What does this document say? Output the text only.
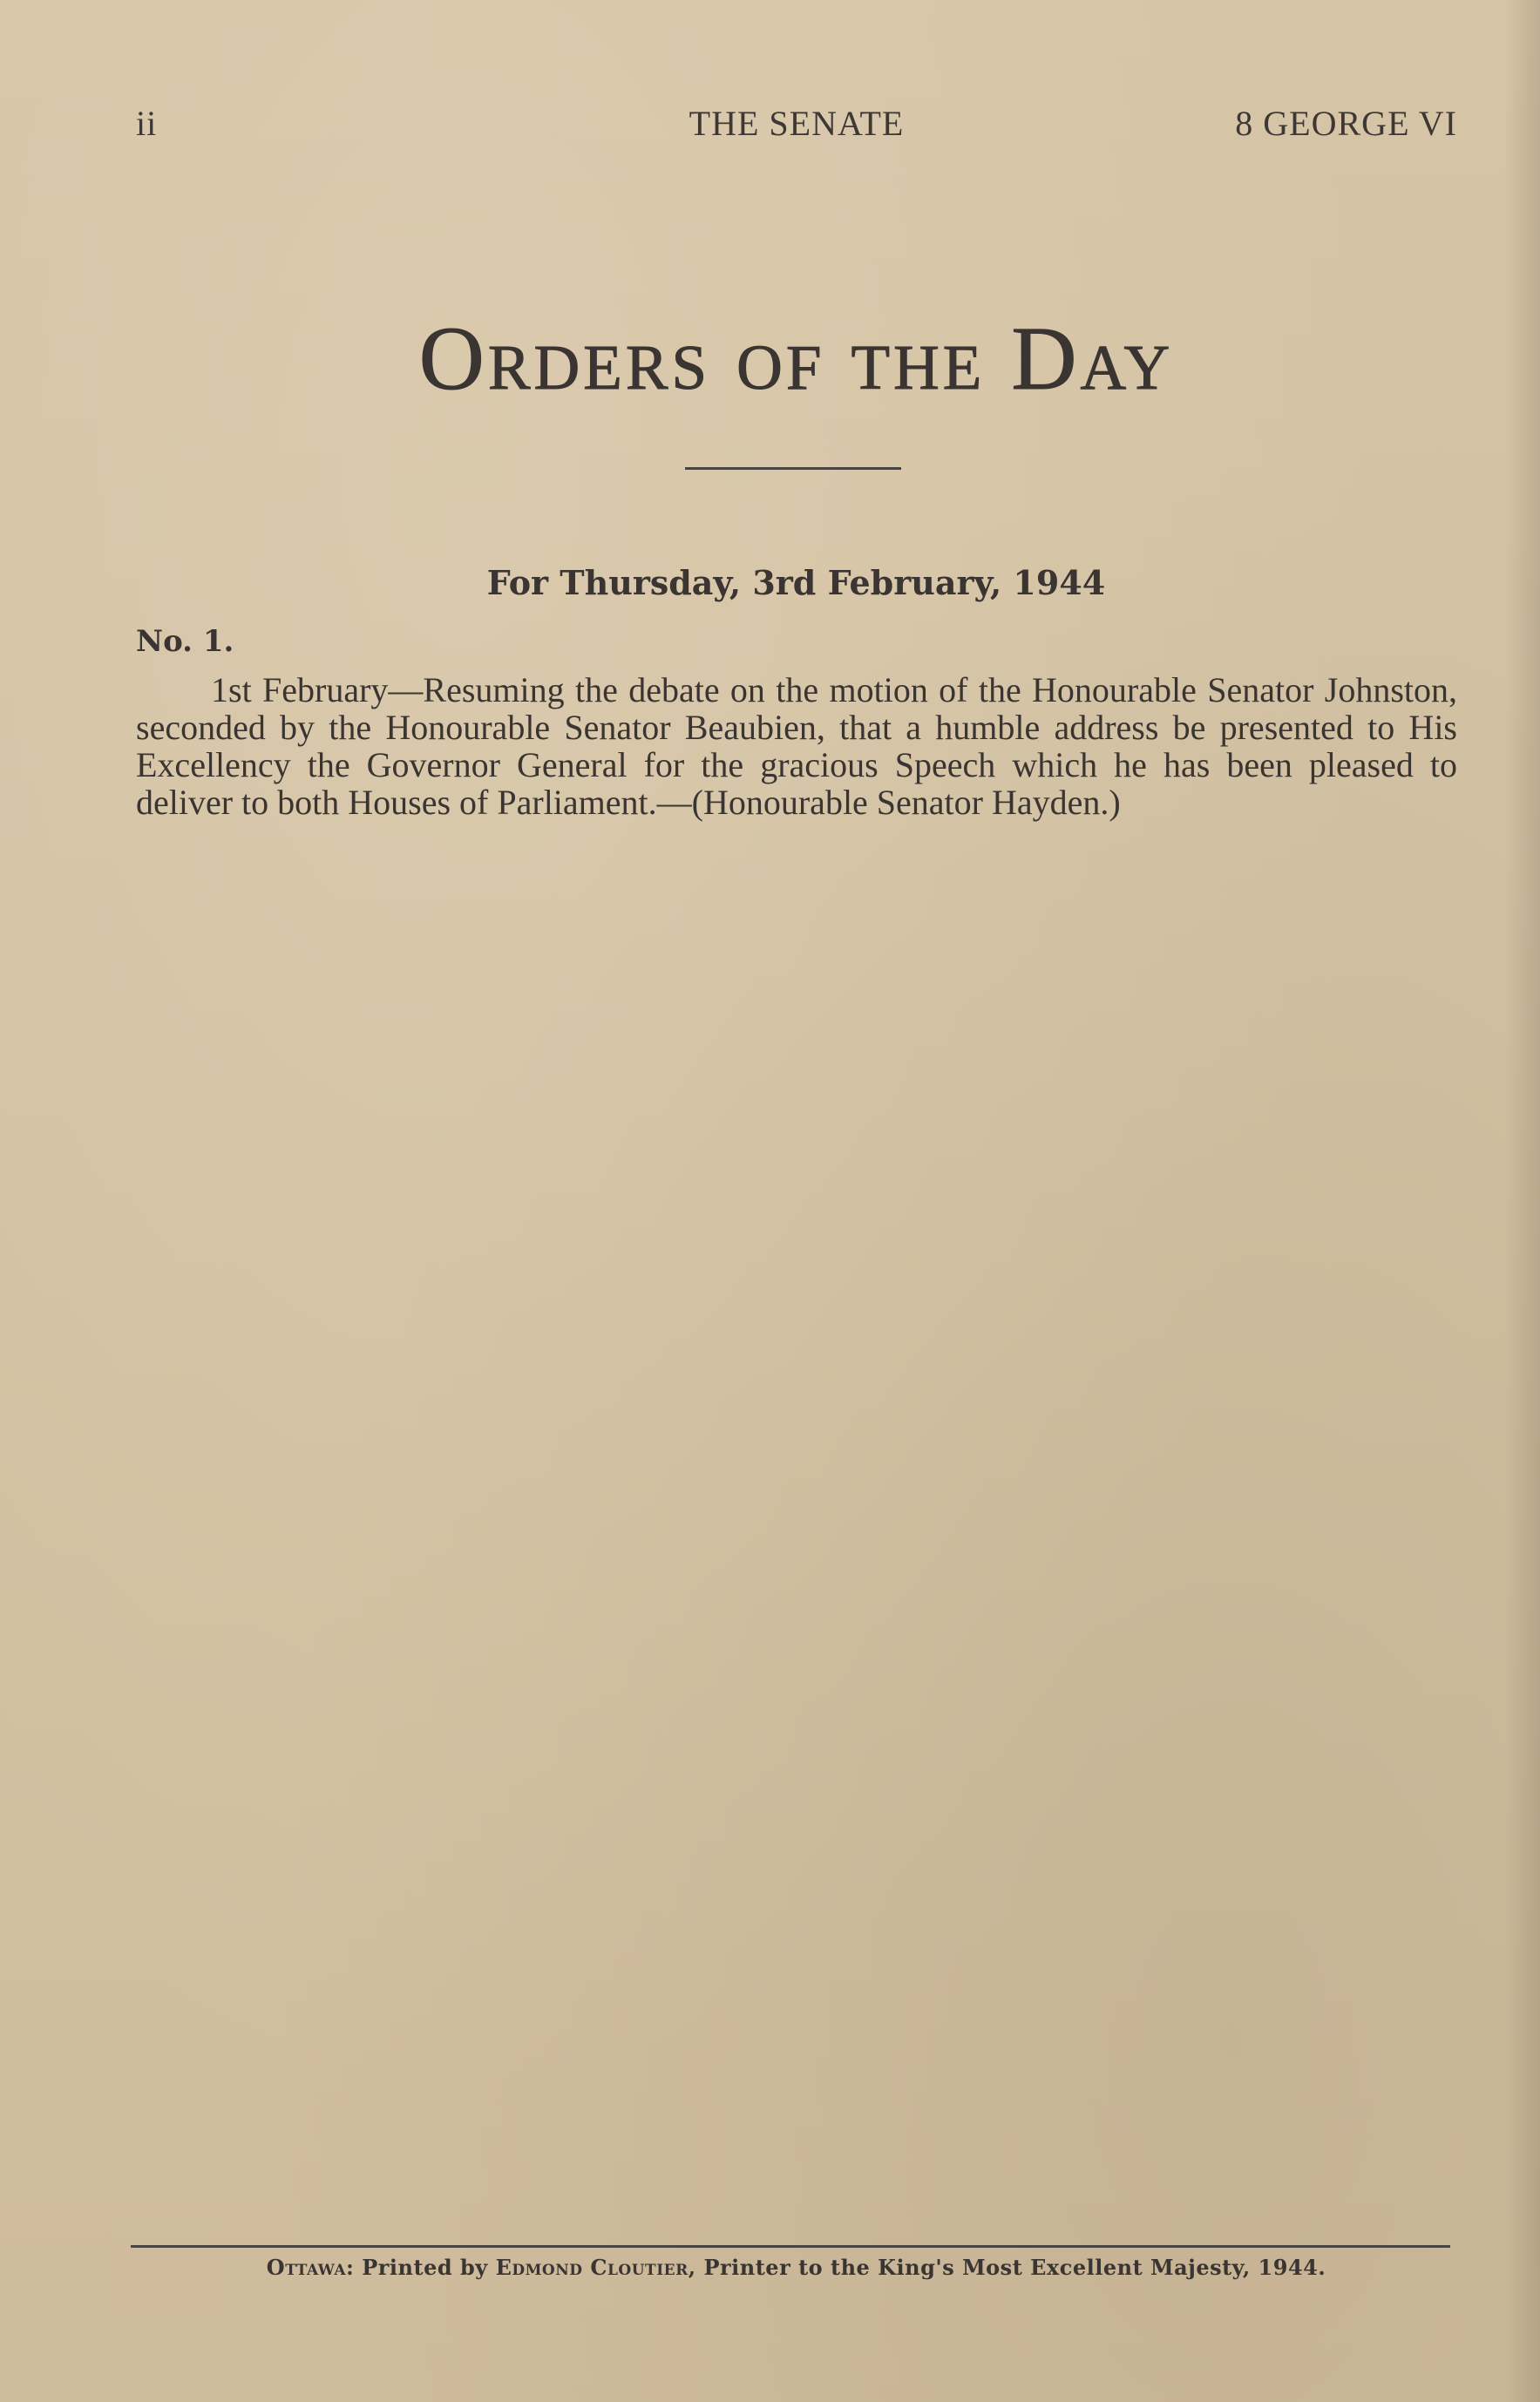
ii	THE SENATE	8 GEORGE VI
Orders of the Day
For Thursday, 3rd February, 1944
No. 1.
1st February—Resuming the debate on the motion of the Honourable Senator Johnston, seconded by the Honourable Senator Beaubien, that a humble address be presented to His Excellency the Governor General for the gracious Speech which he has been pleased to deliver to both Houses of Parliament.—(Honourable Senator Hayden.)
Ottawa: Printed by Edmond Cloutier, Printer to the King's Most Excellent Majesty, 1944.
